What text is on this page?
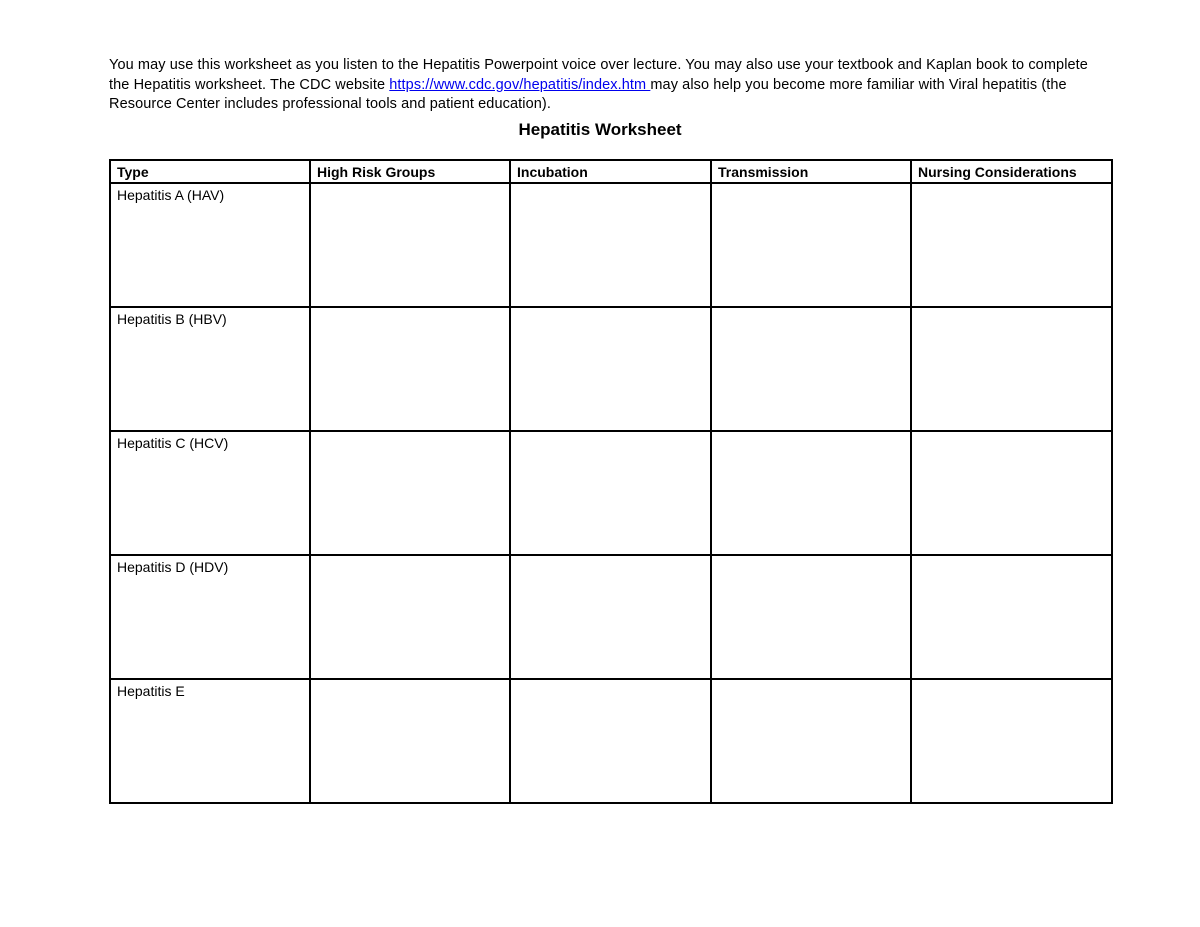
You may use this worksheet as you listen to the Hepatitis Powerpoint voice over lecture. You may also use your textbook and Kaplan book to complete the Hepatitis worksheet. The CDC website https://www.cdc.gov/hepatitis/index.htm may also help you become more familiar with Viral hepatitis (the Resource Center includes professional tools and patient education).
Hepatitis Worksheet
Type	High Risk Groups	Incubation	Transmission	Nursing Considerations
Hepatitis A (HAV)				
Hepatitis B (HBV)				
Hepatitis C (HCV)				
Hepatitis D (HDV)				
Hepatitis E				
